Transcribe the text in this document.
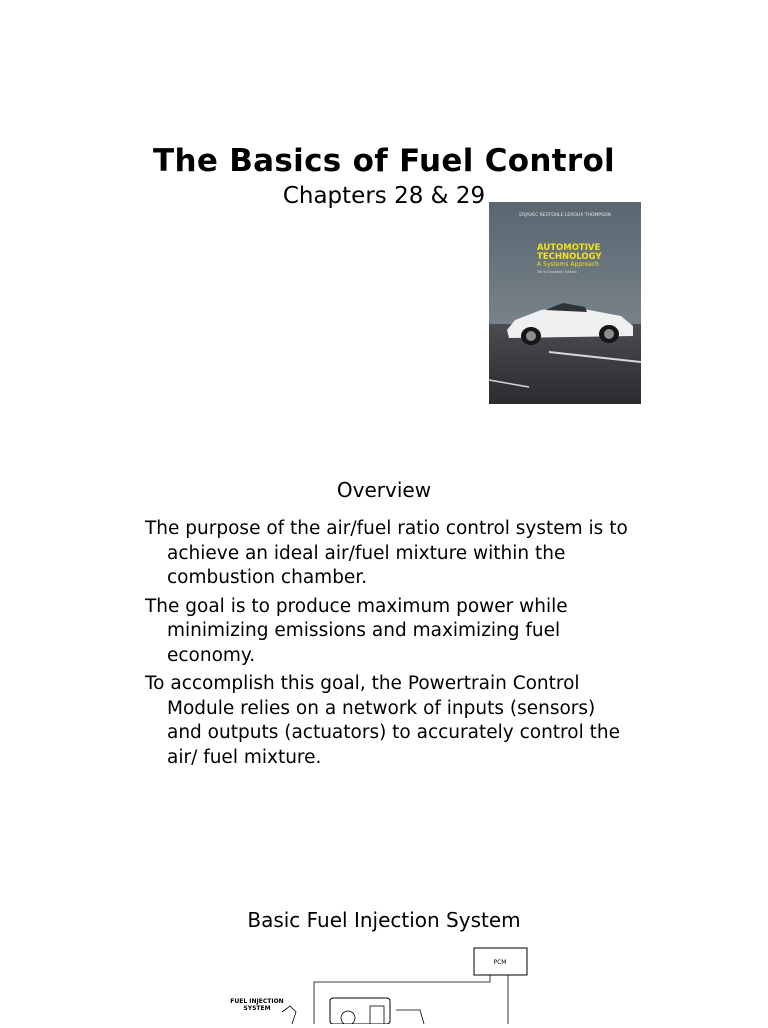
The Basics of Fuel Control
Chapters 28 & 29
ERJAVEC RESTOULE LEROUX THOMPSON
AUTOMOTIVE
TECHNOLOGY
A Systems Approach
Third Canadian Edition
Overview
The purpose of the air/fuel ratio control system is to achieve an ideal air/fuel mixture within the combustion chamber.
The goal is to produce maximum power while minimizing emissions and maximizing fuel economy.
To accomplish this goal, the Powertrain Control Module relies on a network of inputs (sensors) and outputs (actuators) to accurately control the air/ fuel mixture.
Basic Fuel Injection System
PCM
FUEL INJECTION
SYSTEM
